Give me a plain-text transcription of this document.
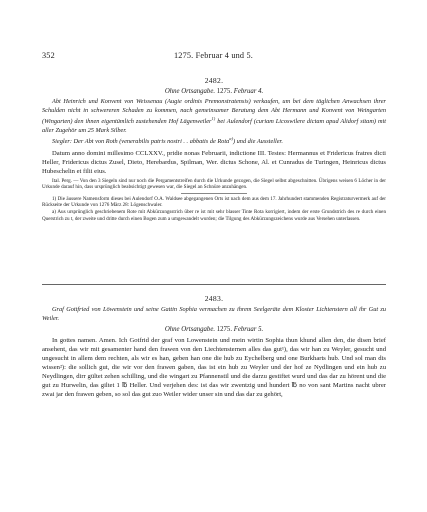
352	1275. Februar 4 und 5.

2482.

Ohne Ortsangabe. 1275. Februar 4.

Abt Heinrich und Konvent von Weissenau (Augie ordinis Premonstratensis) verkaufen, um bei dem täglichen Anwachsen ihrer Schulden nicht in schwereren Schaden zu kommen, nach gemeinsamer Beratung dem Abt Hermann und Konvent von Weingarten (Wingarten) den ihnen eigentümlich zustehenden Hof Lägenweiler$^{1)}$ bei Aulendorf (curiam Licoswilere dictam apud Alidorf sitam) mit aller Zugehör um 25 Mark Silber.

Siegler: Der Abt von Roth (venerabilis patris nostri . . abbatis de Rota$^{a)}$) und die Aussteller.

Datum anno domini millesimo CCLXXV., pridie nonas Februarii, indictione III. Testes: Hermannus et Fridericus fratres dicti Heller, Fridericus dictus Zusel, Dieto, Herebardus, Spilman, Wer. dictus Schone, Al. et Cunradus de Turingen, Heinricus dictus Hubeschelin et filii eius.

Ital. Perg. — Von den 3 Siegeln sind nur noch die Pergamentstreifen durch die Urkunde gezogen, die Siegel selbst abgeschnitten. Übrigens weisen 6 Löcher in der Urkunde darauf hin, dass ursprünglich beabsichtigt gewesen war, die Siegel an Schnüre anzuhängen.

1) Die äussere Namensform dieses bei Aulendorf O.A. Waldsee abgegangenen Orts ist nach dem aus dem 17. Jahrhundert stammenden Registraturvermerk auf der Rückseite der Urkunde von 1276 März 28: Lögenschwaler.

a) Aus ursprünglich geschriebenem Rote mit Abkürzungsstrich über re ist mit sehr blasser Tinte Rota korrigiert, indem der erste Grundstrich des re durch einen Querstrich zu t, der zweite und dritte durch einen Bogen zum a umgewandelt wurden; die Tilgung des Abkürzungszeichens wurde aus Versehen unterlassen.

2483.

Graf Gottfried von Löwenstein und seine Gattin Sophia vermachen zu ihrem Seelgeräte dem Kloster Lichtenstern all ihr Gut zu Weiler.

Ohne Ortsangabe. 1275. Februar 5.

In gottes namen. Amen. Ich Gotfrid der graf von Lowenstein und mein wirtin Sophia thun khund allen den, die disen brief ansehent, das wir mit gesamenter hand den frawen von den Liechtensternen alles das gut¹), das wir han zu Weyler, gesucht und ungesucht in allem dem rechten, als wir es han, geben han one die hub zu Eychelberg und one Burkharts hub. Und sol man dis wissen²): die sollich gut, die wir vor den frawen gaben, das ist ein hub zu Weyler und der hof ze Nydlingen und ein hub zu Neydlingen, dirr gültet zehen schilling, und die wingart zu Pfannenstil und die darzu gestiftet wurd und das dar zu hörent und die gut zu Hurwelin, das giltet 1 ℔ Heller. Und verjehen des: ist das wir zwentzig und hundert ℔ no von sant Martins nacht ubrer zwai jar den frawen geben, so sol das gut zuo Weiler wider unser sin und das dar zu gehört,
